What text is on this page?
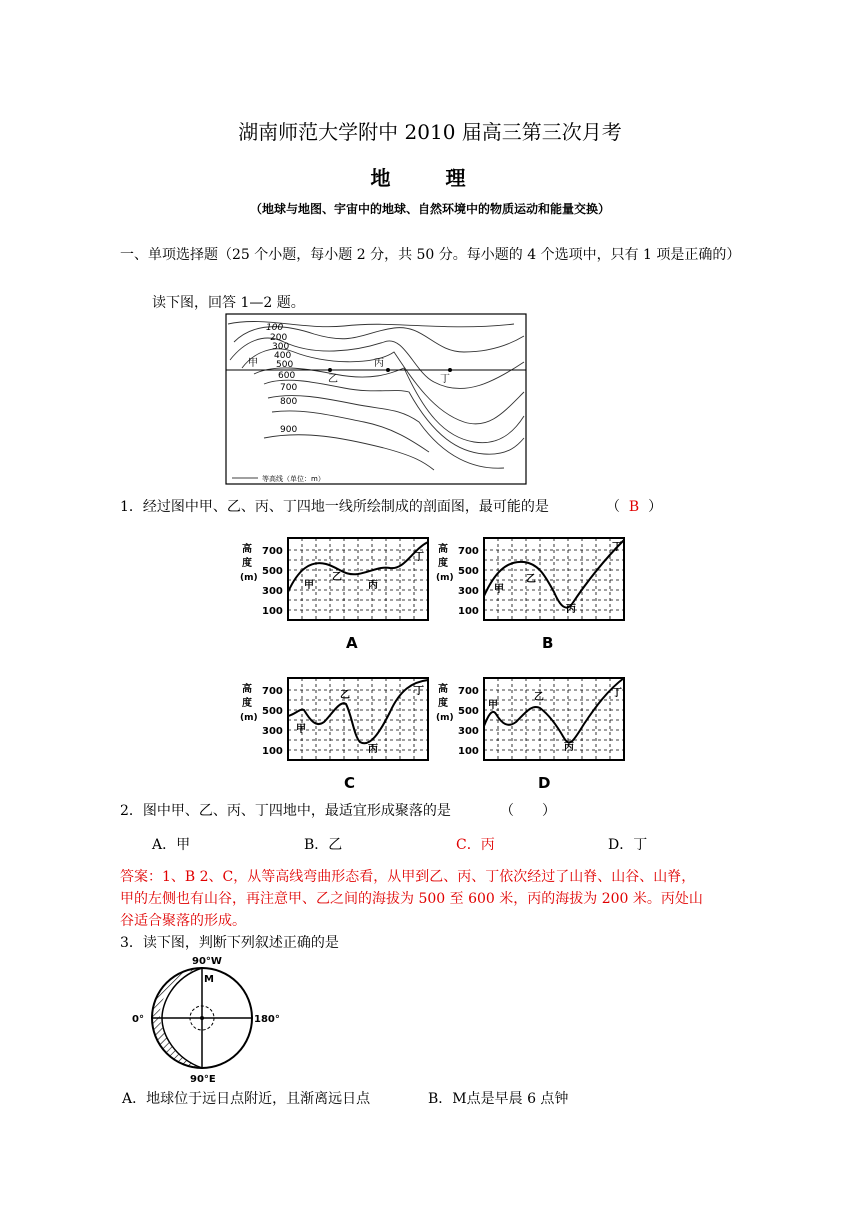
湖南师范大学附中 2010 届高三第三次月考
地 理
（地球与地图、宇宙中的地球、自然环境中的物质运动和能量交换）
一、单项选择题（25 个小题，每小题 2 分，共 50 分。每小题的 4 个选项中，只有 1 项是正确的）
读下图，回答 1—2 题。
100
200
300
400
500
600
700
800
900
甲
乙
丙
丁
等高线（单位：m）
1．经过图中甲、乙、丙、丁四地一线所绘制成的剖面图，最可能的是	（ B ）
高
度
(m)
700
500
300
100
甲
乙
丙
丁
A
高
度
(m)
700
500
300
100
甲
乙
丙
丁
B
高
度
(m)
700
500
300
100
甲
乙
丙
丁
C
高
度
(m)
700
500
300
100
甲
乙
丙
丁
D
2．图中甲、乙、丙、丁四地中，最适宜形成聚落的是	（　　）
A．甲	B．乙	C．丙	D．丁
答案：1、B 2、C，从等高线弯曲形态看，从甲到乙、丙、丁依次经过了山脊、山谷、山脊，
甲的左侧也有山谷，再注意甲、乙之间的海拔为 500 至 600 米，丙的海拔为 200 米。丙处山
谷适合聚落的形成。
3．读下图，判断下列叙述正确的是
90°W
0°	180°
90°E
M
A．地球位于远日点附近，且渐离远日点	B．M点是早晨 6 点钟
